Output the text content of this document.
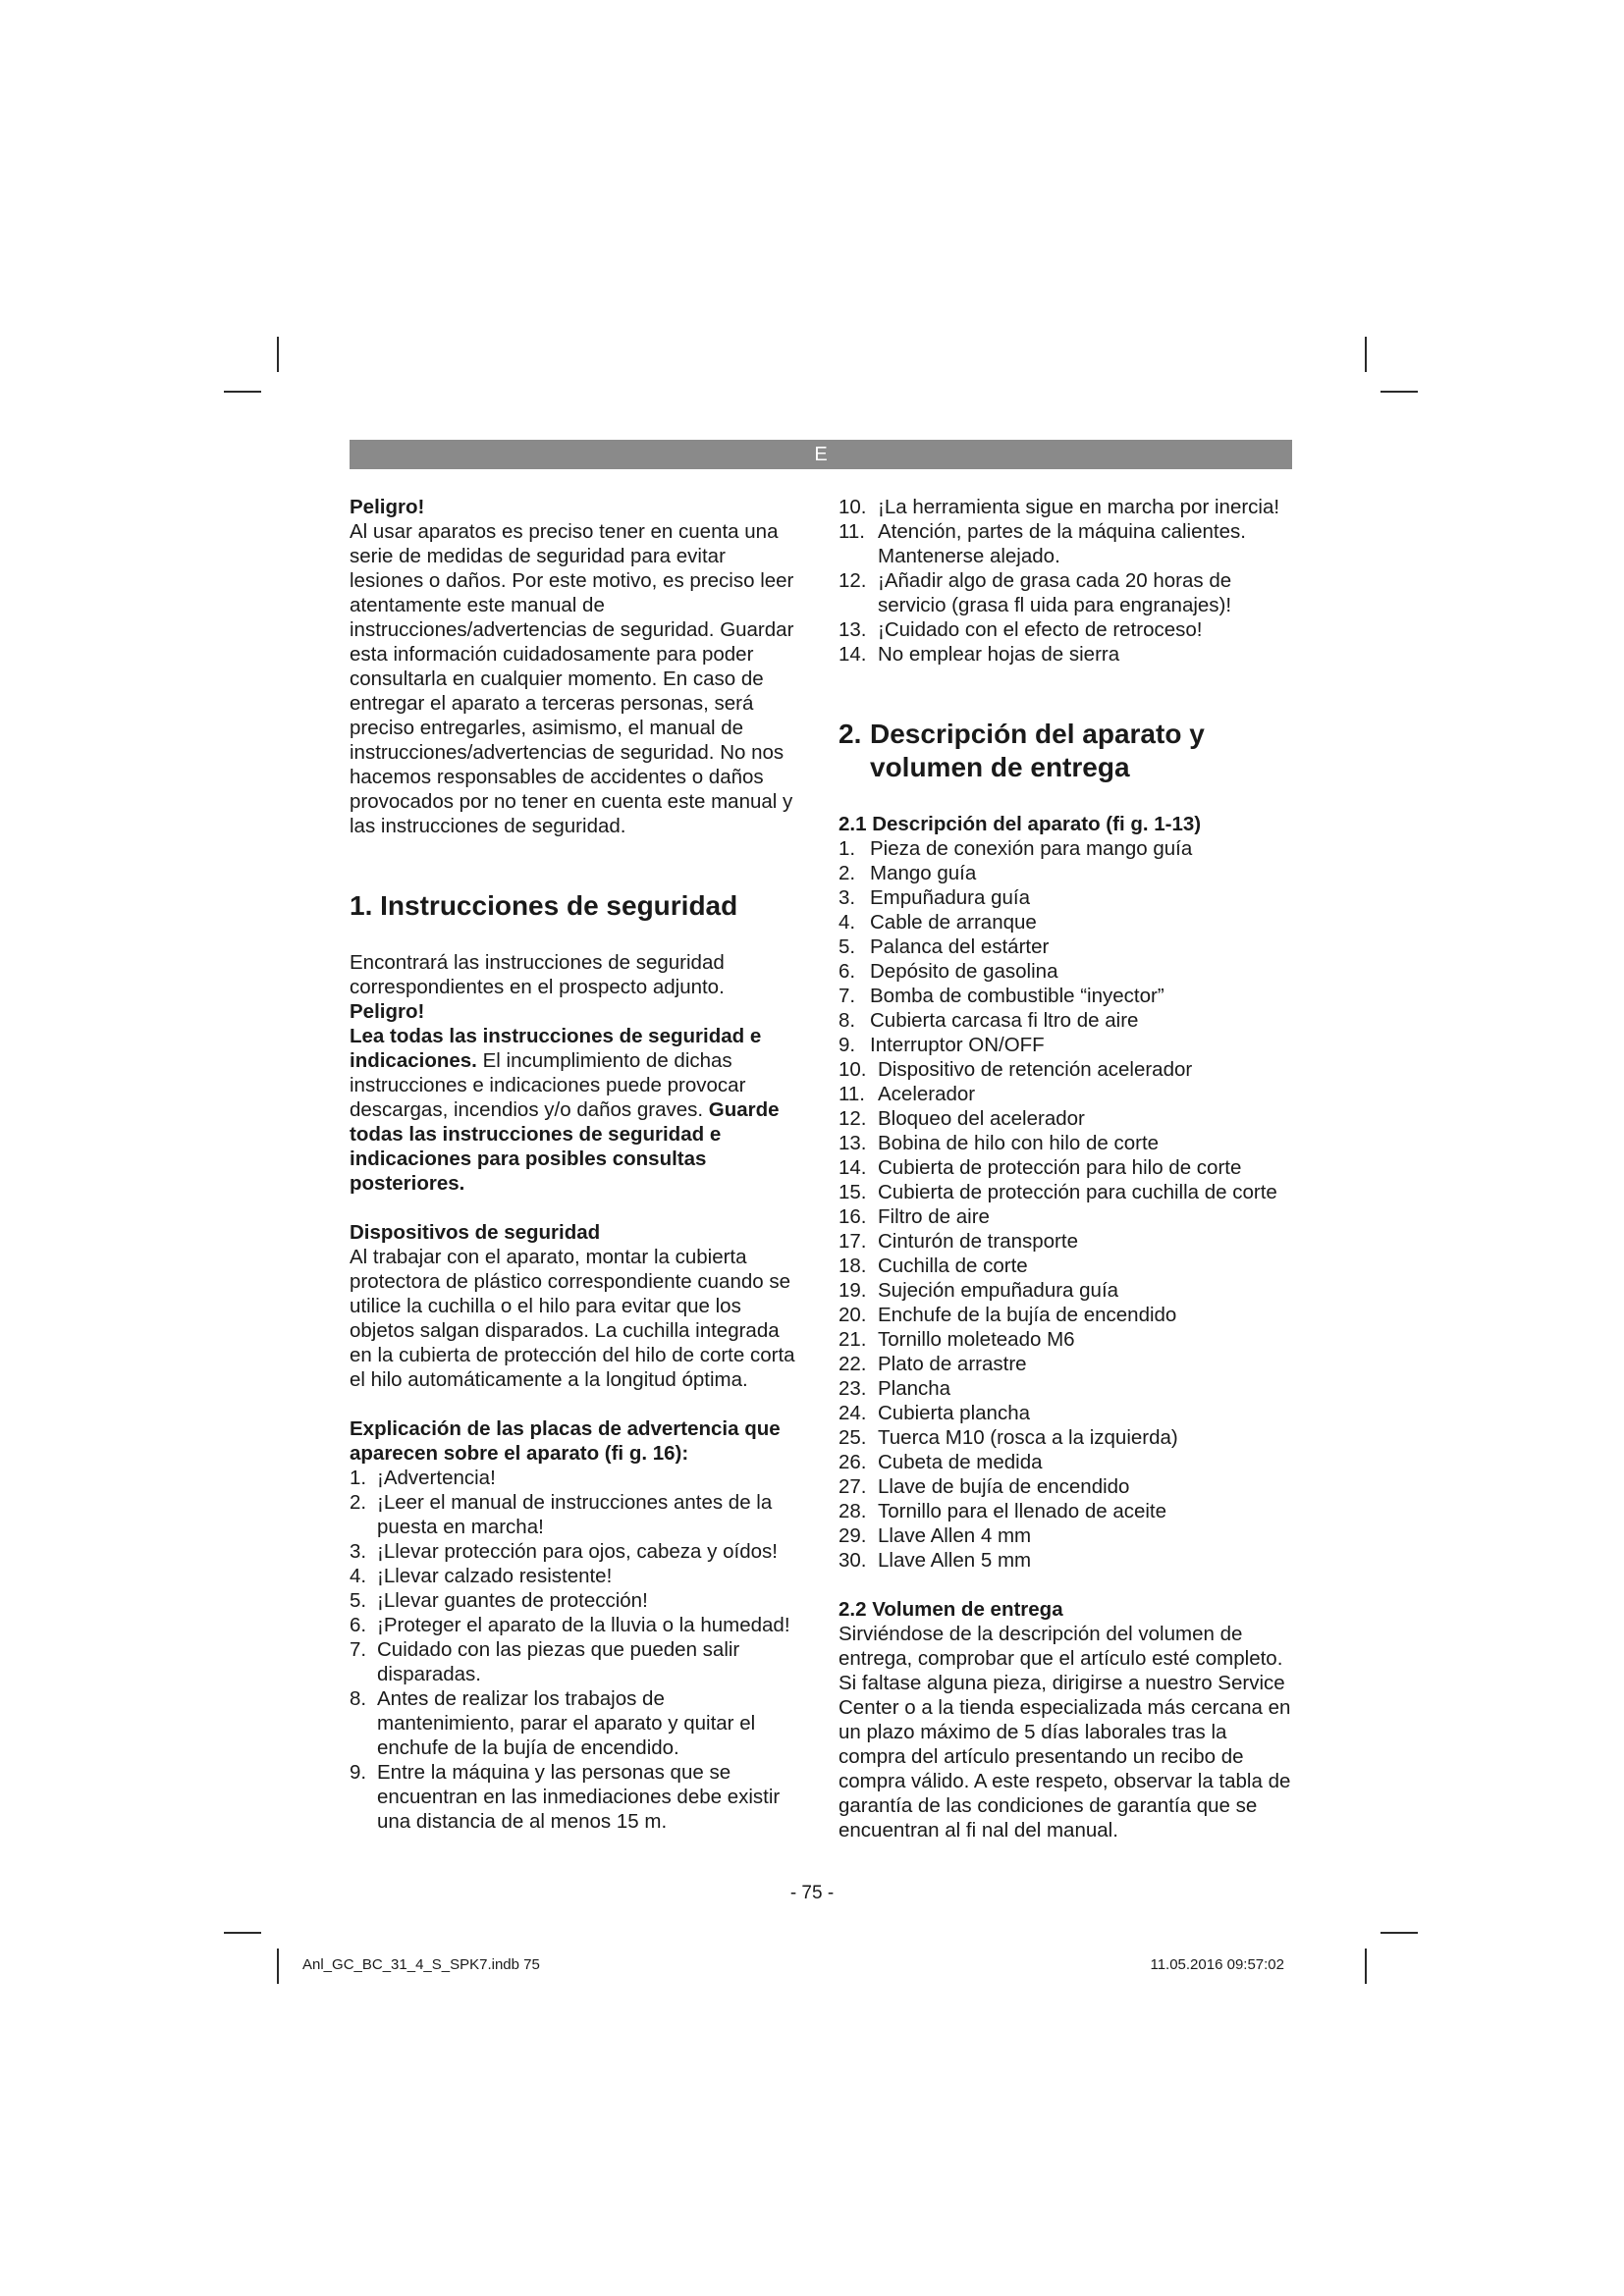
E

Peligro!

Al usar aparatos es preciso tener en cuenta una serie de medidas de seguridad para evitar lesiones o daños. Por este motivo, es preciso leer atentamente este manual de instrucciones/advertencias de seguridad. Guardar esta información cuidadosamente para poder consultarla en cualquier momento. En caso de entregar el aparato a terceras personas, será preciso entregarles, asimismo, el manual de instrucciones/advertencias de seguridad. No nos hacemos responsables de accidentes o daños provocados por no tener en cuenta este manual y las instrucciones de seguridad.

1. Instrucciones de seguridad

Encontrará las instrucciones de seguridad correspondientes en el prospecto adjunto.

Peligro!

Lea todas las instrucciones de seguridad e indicaciones. El incumplimiento de dichas instrucciones e indicaciones puede provocar descargas, incendios y/o daños graves. Guarde todas las instrucciones de seguridad e indicaciones para posibles consultas posteriores.

Dispositivos de seguridad

Al trabajar con el aparato, montar la cubierta protectora de plástico correspondiente cuando se utilice la cuchilla o el hilo para evitar que los objetos salgan disparados. La cuchilla integrada en la cubierta de protección del hilo de corte corta el hilo automáticamente a la longitud óptima.

Explicación de las placas de advertencia que aparecen sobre el aparato (fi g. 16):

1. ¡Advertencia!
2. ¡Leer el manual de instrucciones antes de la puesta en marcha!
3. ¡Llevar protección para ojos, cabeza y oídos!
4. ¡Llevar calzado resistente!
5. ¡Llevar guantes de protección!
6. ¡Proteger el aparato de la lluvia o la humedad!
7. Cuidado con las piezas que pueden salir disparadas.
8. Antes de realizar los trabajos de mantenimiento, parar el aparato y quitar el enchufe de la bujía de encendido.
9. Entre la máquina y las personas que se encuentran en las inmediaciones debe existir una distancia de al menos 15 m.
10. ¡La herramienta sigue en marcha por inercia!
11. Atención, partes de la máquina calientes. Mantenerse alejado.
12. ¡Añadir algo de grasa cada 20 horas de servicio (grasa fl uida para engranajes)!
13. ¡Cuidado con el efecto de retroceso!
14. No emplear hojas de sierra
2. Descripción del aparato y
volumen de entrega

2.1 Descripción del aparato (fi g. 1-13)

1. Pieza de conexión para mango guía
2. Mango guía
3. Empuñadura guía
4. Cable de arranque
5. Palanca del estárter
6. Depósito de gasolina
7. Bomba de combustible “inyector”
8. Cubierta carcasa fi ltro de aire
9. Interruptor ON/OFF
10. Dispositivo de retención acelerador
11. Acelerador
12. Bloqueo del acelerador
13. Bobina de hilo con hilo de corte
14. Cubierta de protección para hilo de corte
15. Cubierta de protección para cuchilla de corte
16. Filtro de aire
17. Cinturón de transporte
18. Cuchilla de corte
19. Sujeción empuñadura guía
20. Enchufe de la bujía de encendido
21. Tornillo moleteado M6
22. Plato de arrastre
23. Plancha
24. Cubierta plancha
25. Tuerca M10 (rosca a la izquierda)
26. Cubeta de medida
27. Llave de bujía de encendido
28. Tornillo para el llenado de aceite
29. Llave Allen 4 mm
30. Llave Allen 5 mm

2.2 Volumen de entrega

Sirviéndose de la descripción del volumen de entrega, comprobar que el artículo esté completo. Si faltase alguna pieza, dirigirse a nuestro Service Center o a la tienda especializada más cercana en un plazo máximo de 5 días laborales tras la compra del artículo presentando un recibo de compra válido. A este respeto, observar la tabla de garantía de las condiciones de garantía que se encuentran al fi nal del manual.

- 75 -
Anl_GC_BC_31_4_S_SPK7.indb 75	11.05.2016 09:57:02
